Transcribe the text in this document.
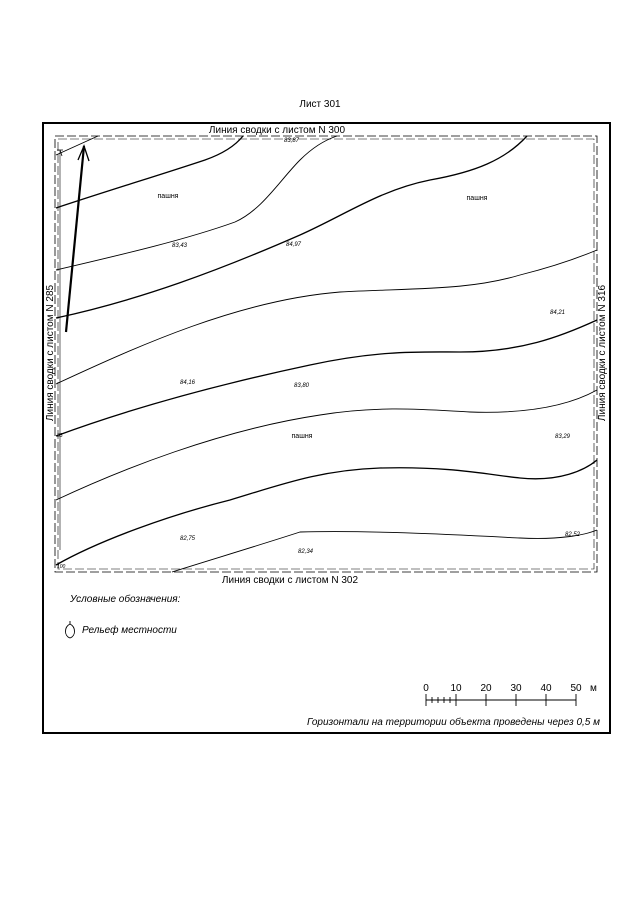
Лист 301
Линия сводки с листом N 300
Линия сводки с листом N 302
Линия сводки с листом N 285	Линия сводки с листом N 316
пашня	пашня
пашня
83,87
83,43	84,97
84,21
84,16	83,80
83,29
82,75
82,34
82,52
83
100
Условные обозначения:
Рельеф местности
0 10 20 30 40 50 м
Горизонтали на территории объекта проведены через 0,5 м
